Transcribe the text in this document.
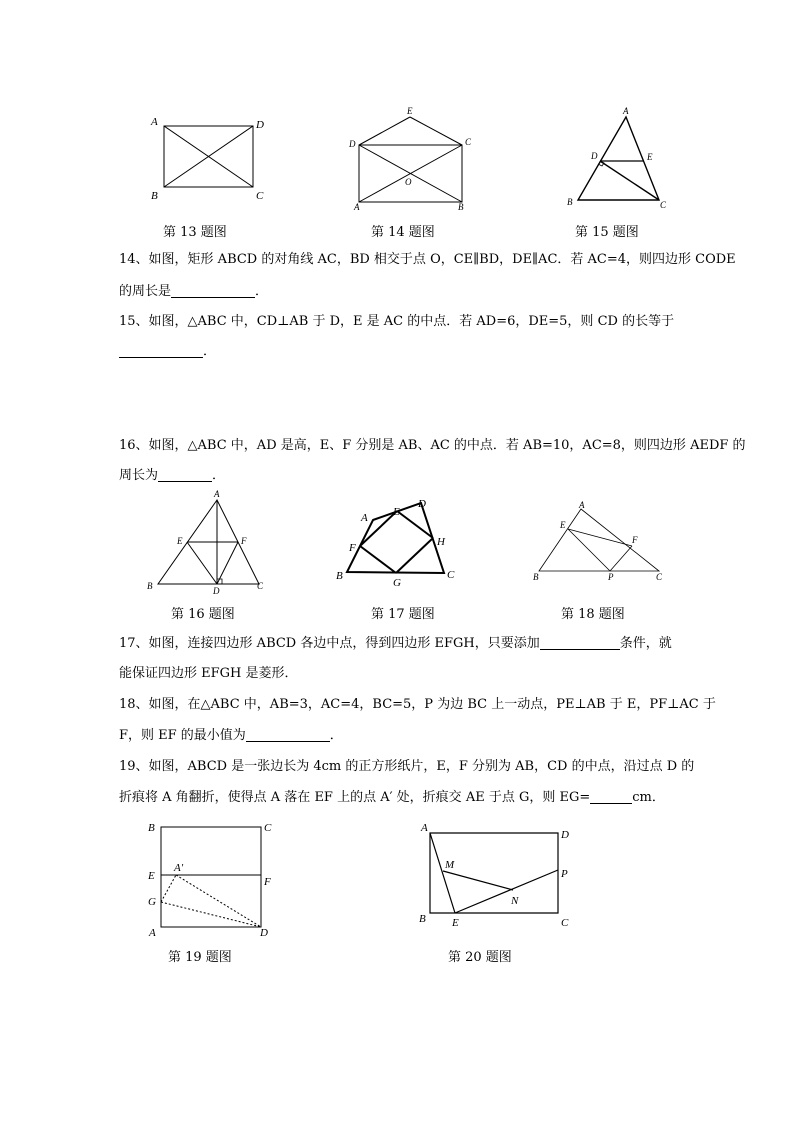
A	D
B	C
第 13 题图
E
D	C
O
A	B
第 14 题图
A
D	E
B	C
第 15 题图
14、如图，矩形 ABCD 的对角线 AC，BD 相交于点 O，CE∥BD，DE∥AC．若 AC=4，则四边形 CODE
的周长是	．
15、如图，△ABC 中，CD⊥AB 于 D，E 是 AC 的中点．若 AD=6，DE=5，则 CD 的长等于
．
16、如图，△ABC 中，AD 是高，E、F 分别是 AB、AC 的中点．若 AB=10，AC=8，则四边形 AEDF 的
周长为	．
A
E	F
B	D	C
第 16 题图
A E
D
F	H
B
G
C
第 17 题图
A
E
F
B	P	C
第 18 题图
17、如图，连接四边形 ABCD 各边中点，得到四边形 EFGH，只要添加	条件，就
能保证四边形 EFGH 是菱形．
18、如图，在△ABC 中，AB=3，AC=4，BC=5，P 为边 BC 上一动点，PE⊥AB 于 E，PF⊥AC 于
F，则 EF 的最小值为	．
19、如图，ABCD 是一张边长为 4cm 的正方形纸片，E，F 分别为 AB，CD 的中点，沿过点 D 的
折痕将 A 角翻折，使得点 A 落在 EF 上的点 A′ 处，折痕交 AE 于点 G，则 EG=	cm．
B	C
E	F
A′
G
A	D
第 19 题图
A
D
M
P
N
B E	C
第 20 题图
